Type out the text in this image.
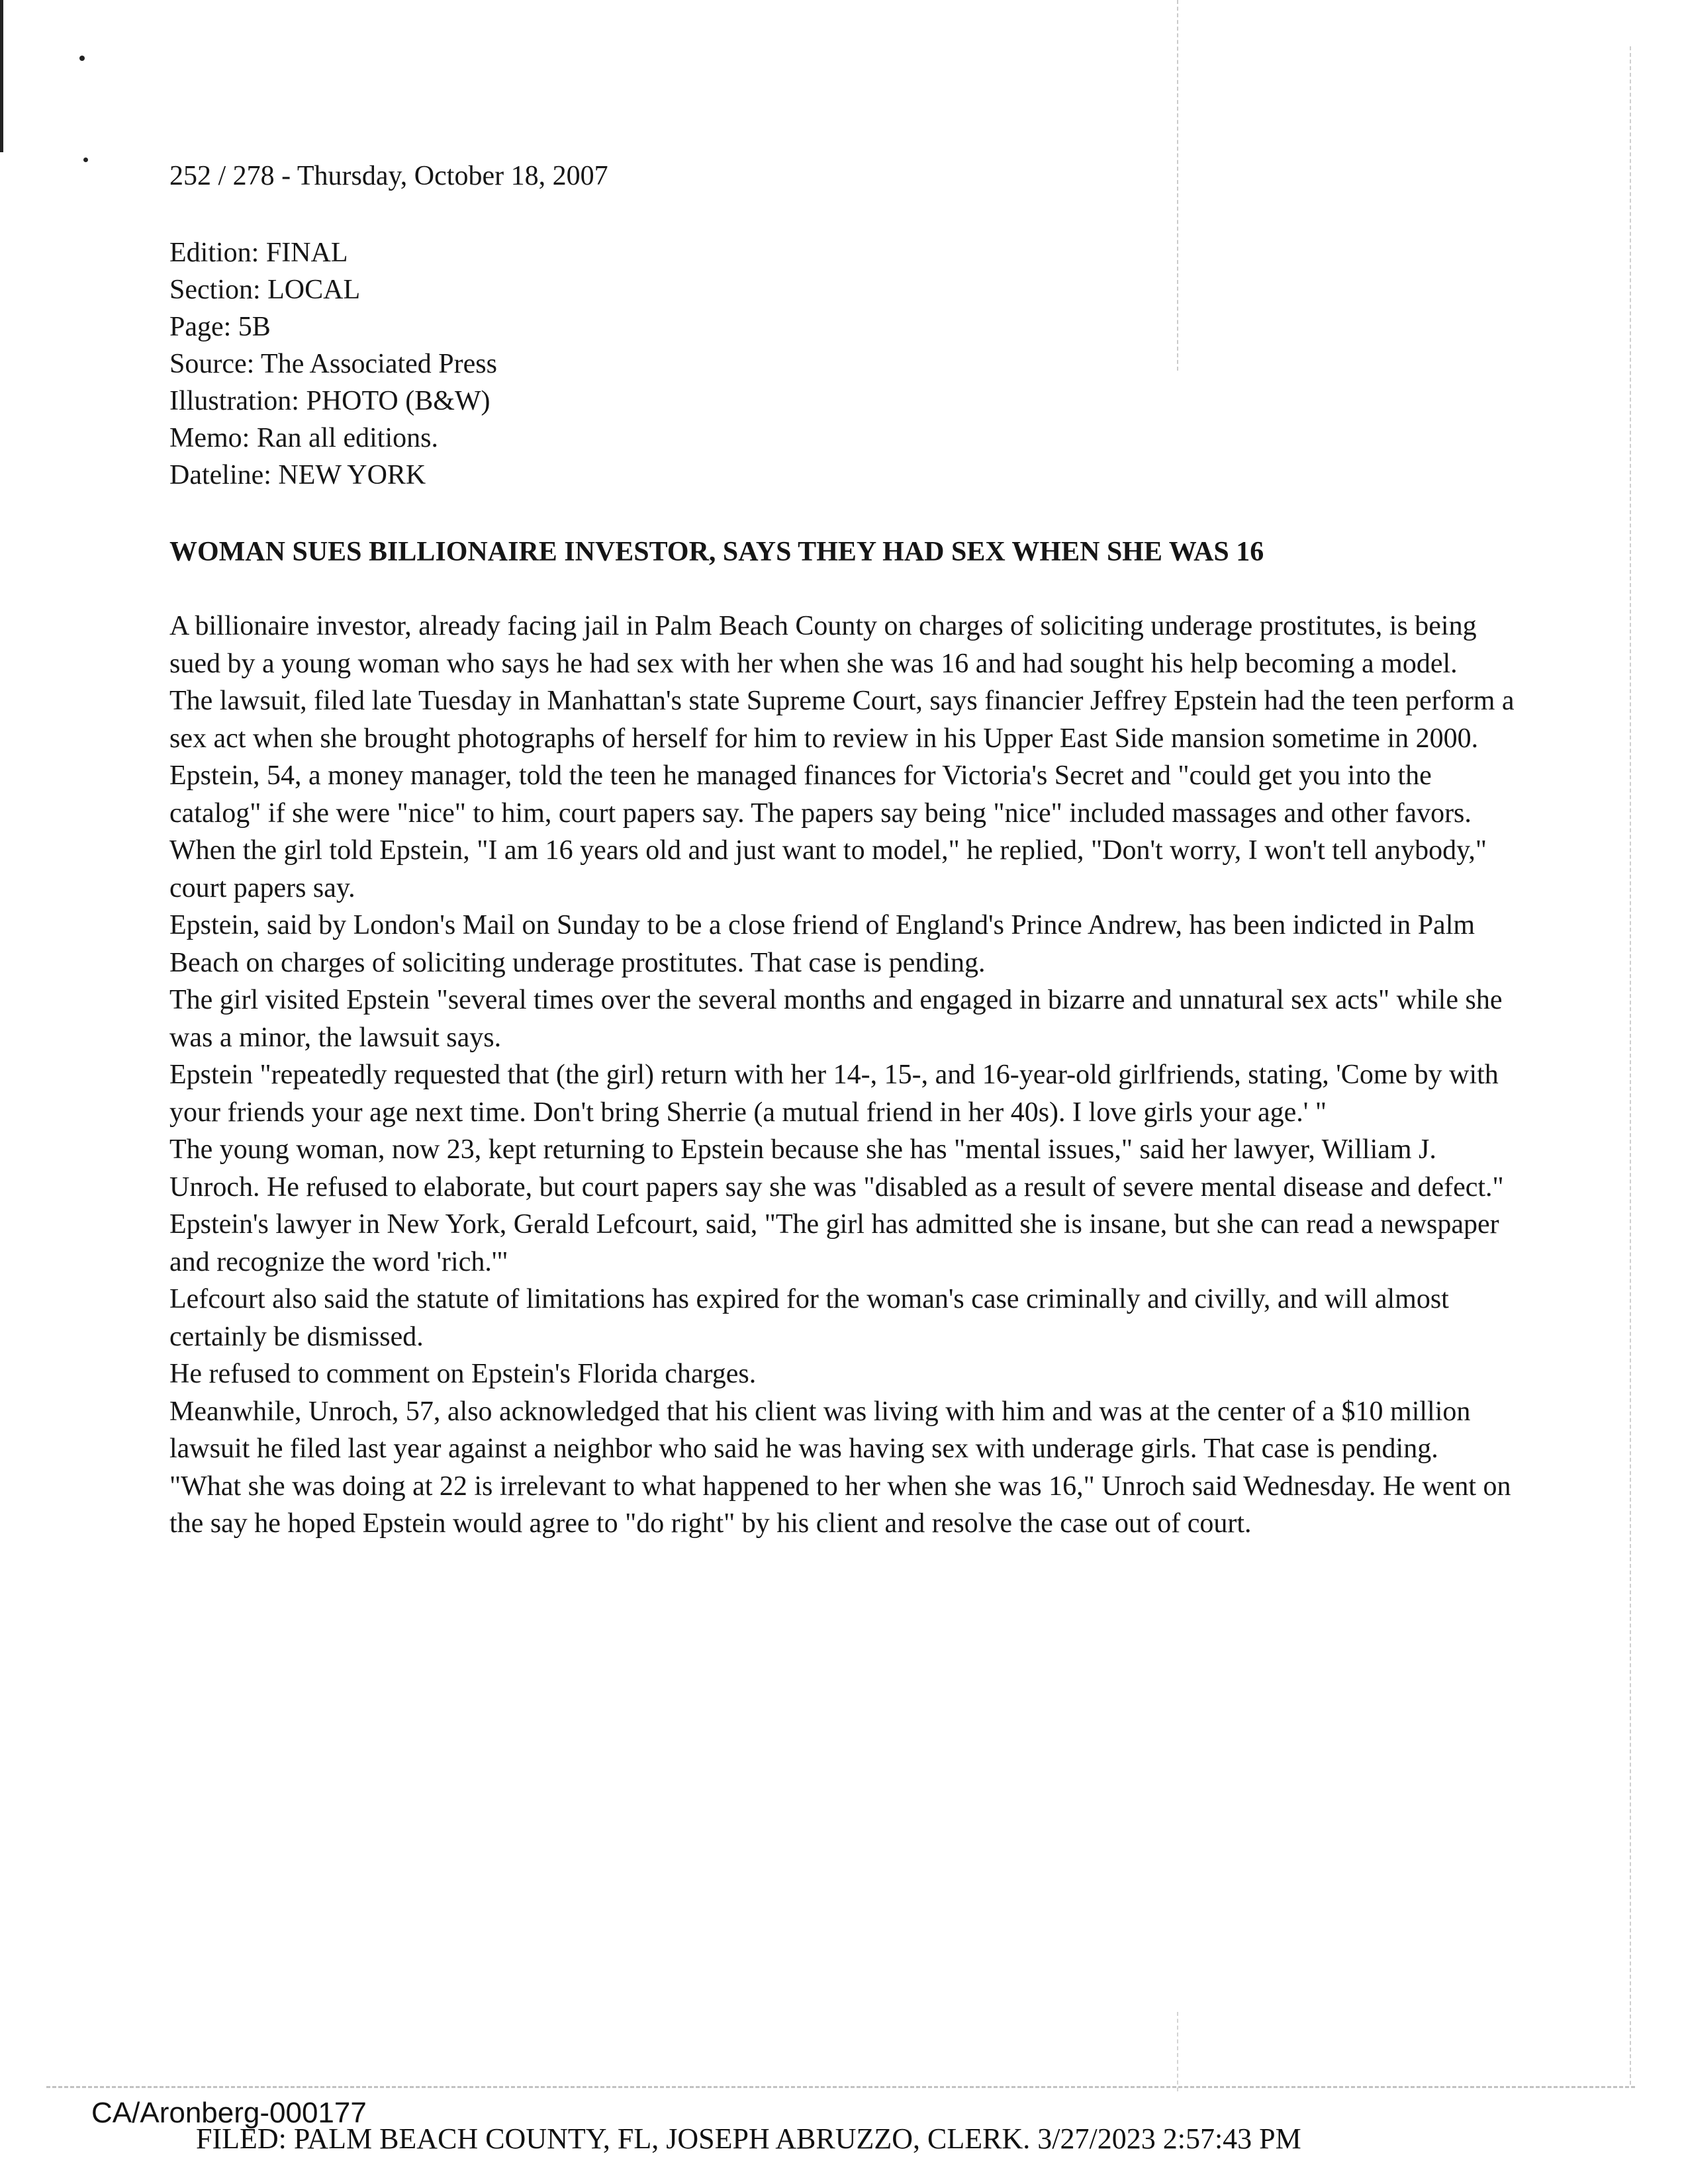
252 / 278 - Thursday, October 18, 2007
Edition: FINAL
Section: LOCAL
Page: 5B
Source: The Associated Press
Illustration: PHOTO (B&W)
Memo: Ran all editions.
Dateline: NEW YORK
WOMAN SUES BILLIONAIRE INVESTOR, SAYS THEY HAD SEX WHEN SHE WAS 16

A billionaire investor, already facing jail in Palm Beach County on charges of soliciting underage prostitutes, is being sued by a young woman who says he had sex with her when she was 16 and had sought his help becoming a model.

The lawsuit, filed late Tuesday in Manhattan's state Supreme Court, says financier Jeffrey Epstein had the teen perform a sex act when she brought photographs of herself for him to review in his Upper East Side mansion sometime in 2000.

Epstein, 54, a money manager, told the teen he managed finances for Victoria's Secret and "could get you into the catalog" if she were "nice" to him, court papers say. The papers say being "nice" included massages and other favors.

When the girl told Epstein, "I am 16 years old and just want to model," he replied, "Don't worry, I won't tell anybody," court papers say.

Epstein, said by London's Mail on Sunday to be a close friend of England's Prince Andrew, has been indicted in Palm Beach on charges of soliciting underage prostitutes. That case is pending.

The girl visited Epstein "several times over the several months and engaged in bizarre and unnatural sex acts" while she was a minor, the lawsuit says.

Epstein "repeatedly requested that (the girl) return with her 14-, 15-, and 16-year-old girlfriends, stating, 'Come by with your friends your age next time. Don't bring Sherrie (a mutual friend in her 40s). I love girls your age.' "

The young woman, now 23, kept returning to Epstein because she has "mental issues," said her lawyer, William J. Unroch. He refused to elaborate, but court papers say she was "disabled as a result of severe mental disease and defect."

Epstein's lawyer in New York, Gerald Lefcourt, said, "The girl has admitted she is insane, but she can read a newspaper and recognize the word 'rich.'"

Lefcourt also said the statute of limitations has expired for the woman's case criminally and civilly, and will almost certainly be dismissed.

He refused to comment on Epstein's Florida charges.

Meanwhile, Unroch, 57, also acknowledged that his client was living with him and was at the center of a $10 million lawsuit he filed last year against a neighbor who said he was having sex with underage girls. That case is pending.

"What she was doing at 22 is irrelevant to what happened to her when she was 16," Unroch said Wednesday. He went on the say he hoped Epstein would agree to "do right" by his client and resolve the case out of court.

CA/Aronberg-000177
FILED: PALM BEACH COUNTY, FL, JOSEPH ABRUZZO, CLERK. 3/27/2023 2:57:43 PM
